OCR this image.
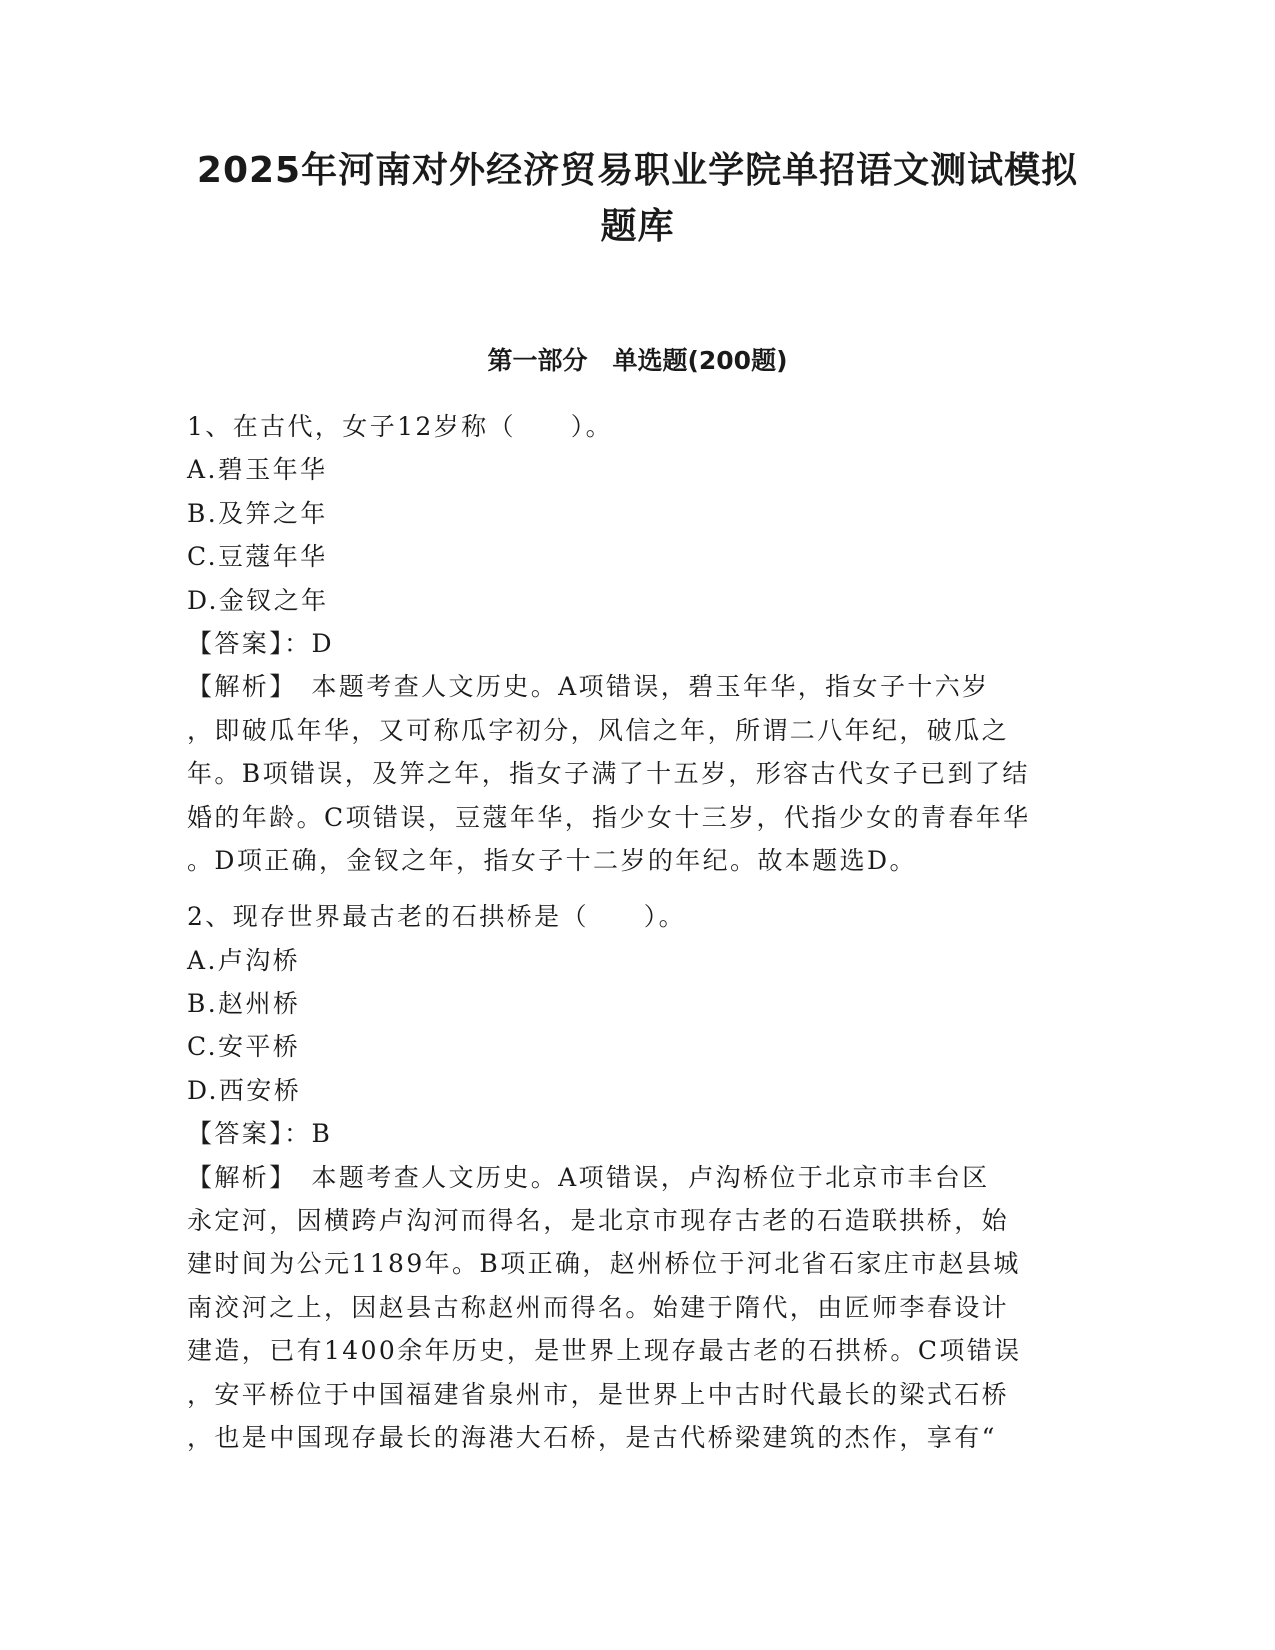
2025年河南对外经济贸易职业学院单招语文测试模拟
题库
第一部分　单选题(200题)
1、在古代，女子12岁称（　　）。
A.碧玉年华
B.及笄之年
C.豆蔻年华
D.金钗之年
【答案】：D
【解析】　本题考查人文历史。A项错误，碧玉年华，指女子十六岁
，即破瓜年华，又可称瓜字初分，风信之年，所谓二八年纪，破瓜之
年。B项错误，及笄之年，指女子满了十五岁，形容古代女子已到了结
婚的年龄。C项错误，豆蔻年华，指少女十三岁，代指少女的青春年华
。D项正确，金钗之年，指女子十二岁的年纪。故本题选D。
2、现存世界最古老的石拱桥是（　　）。
A.卢沟桥
B.赵州桥
C.安平桥
D.西安桥
【答案】：B
【解析】　本题考查人文历史。A项错误，卢沟桥位于北京市丰台区
永定河，因横跨卢沟河而得名，是北京市现存古老的石造联拱桥，始
建时间为公元1189年。B项正确，赵州桥位于河北省石家庄市赵县城
南洨河之上，因赵县古称赵州而得名。始建于隋代，由匠师李春设计
建造，已有1400余年历史，是世界上现存最古老的石拱桥。C项错误
，安平桥位于中国福建省泉州市，是世界上中古时代最长的梁式石桥
，也是中国现存最长的海港大石桥，是古代桥梁建筑的杰作，享有“
